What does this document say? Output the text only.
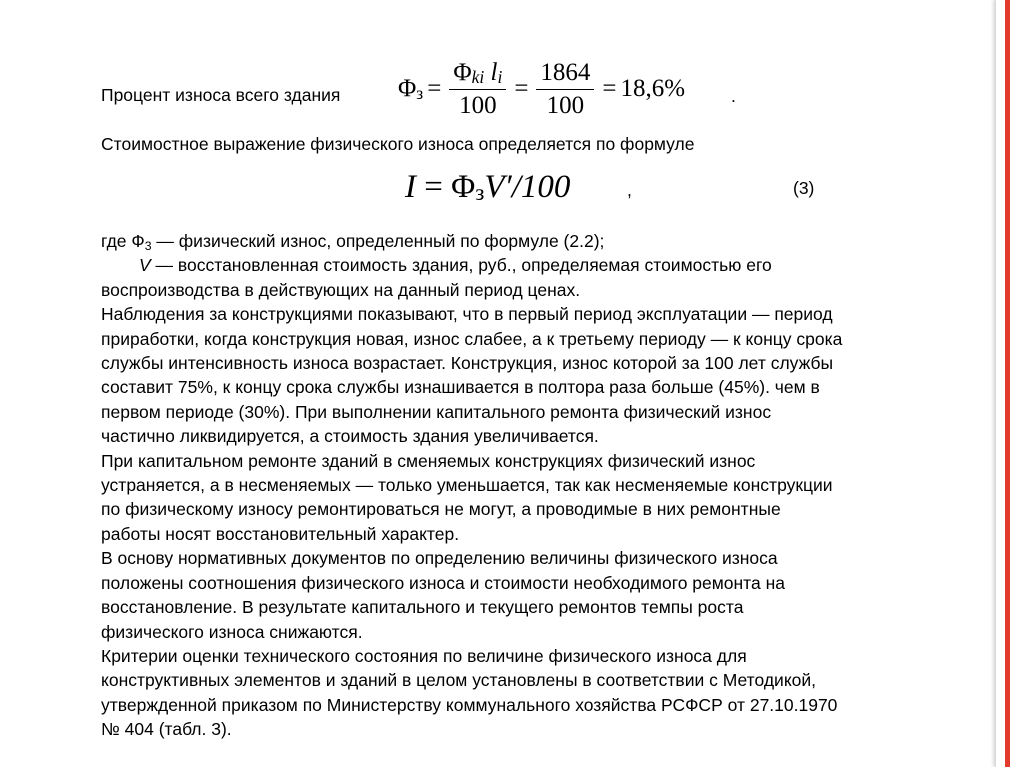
Процент износа всего здания $\Phi_з = \frac{\Phi_{ki} l_i}{100} = \frac{1864}{100} = 18,6\%$	.
Стоимостное выражение физического износа определяется по формуле
$I = \Phi_зV'/100$	,	(3)

где $Ф_3$ — физический износ, определенный по формуле (2.2);

V — восстановленная стоимость здания, руб., определяемая стоимостью его

воспроизводства в действующих на данный период ценах.

Наблюдения за конструкциями показывают, что в первый период эксплуатации — период

приработки, когда конструкция новая, износ слабее, а к третьему периоду — к концу срока

службы интенсивность износа возрастает. Конструкция, износ которой за 100 лет службы

составит 75%, к концу срока службы изнашивается в полтора раза больше (45%). чем в

первом периоде (30%). При выполнении капитального ремонта физический износ

частично ликвидируется, а стоимость здания увеличивается.

При капитальном ремонте зданий в сменяемых конструкциях физический износ

устраняется, а в несменяемых — только уменьшается, так как несменяемые конструкции

по физическому износу ремонтироваться не могут, а проводимые в них ремонтные

работы носят восстановительный характер.

В основу нормативных документов по определению величины физического износа

положены соотношения физического износа и стоимости необходимого ремонта на

восстановление. В результате капитального и текущего ремонтов темпы роста

физического износа снижаются.

Критерии оценки технического состояния по величине физического износа для

конструктивных элементов и зданий в целом установлены в соответствии с Методикой,

утвержденной приказом по Министерству коммунального хозяйства РСФСР от 27.10.1970

№ 404 (табл. 3).
